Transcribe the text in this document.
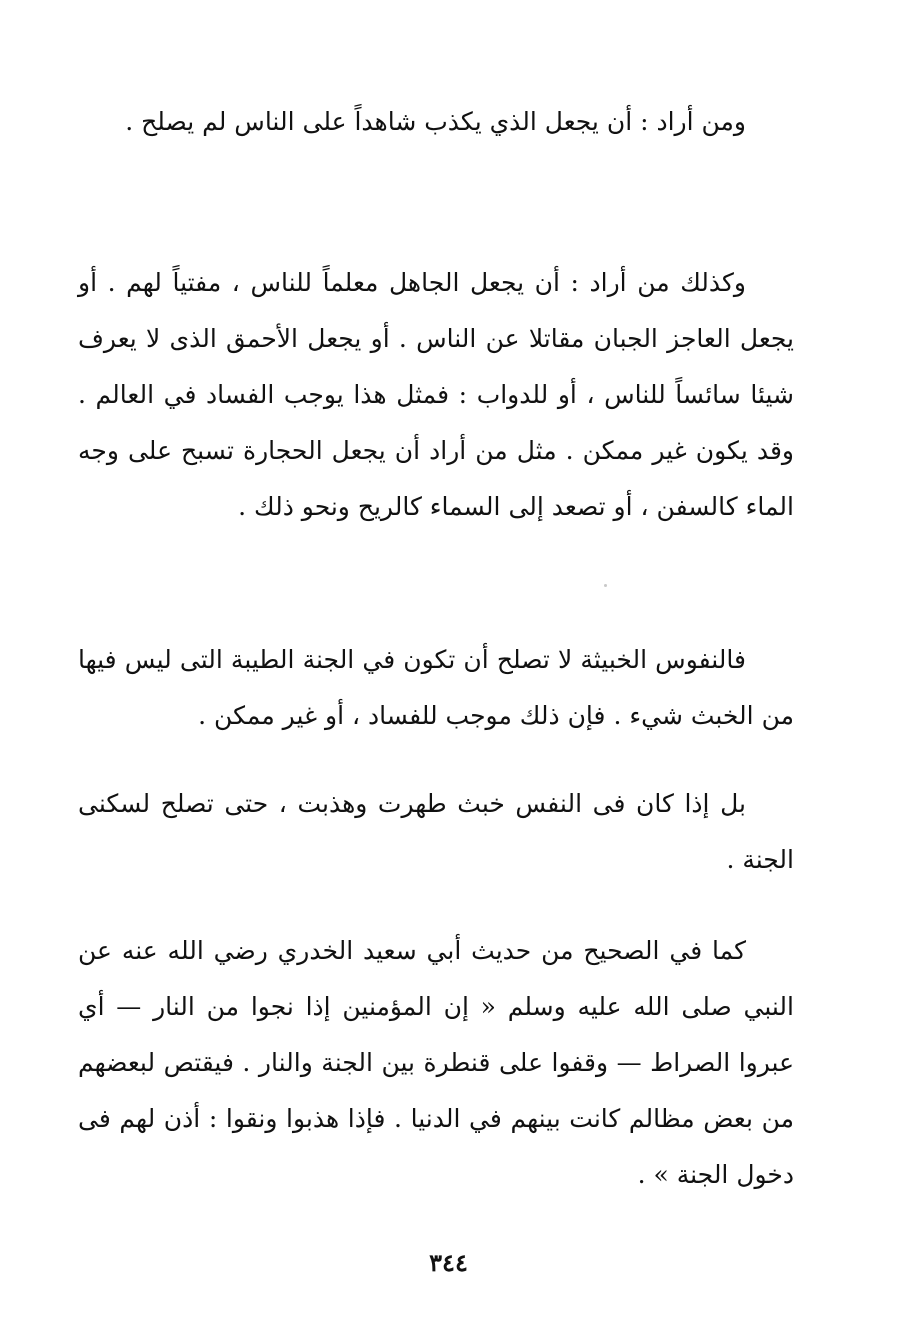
ومن أراد : أن يجعل الذي يكذب شاهداً على الناس لم يصلح .

وكذلك من أراد : أن يجعل الجاهل معلماً للناس ، مفتياً لهم . أو يجعل العاجز الجبان مقاتلا عن الناس . أو يجعل الأحمق الذى لا يعرف شيئا سائساً للناس ، أو للدواب : فمثل هذا يوجب الفساد في العالم . وقد يكون غير ممكن . مثل من أراد أن يجعل الحجارة تسبح على وجه الماء كالسفن ، أو تصعد إلى السماء كالريح ونحو ذلك .

فالنفوس الخبيثة لا تصلح أن تكون في الجنة الطيبة التى ليس فيها من الخبث شيء . فإن ذلك موجب للفساد ، أو غير ممكن .

بل إذا كان فى النفس خبث طهرت وهذبت ، حتى تصلح لسكنى الجنة .

كما في الصحيح من حديث أبي سعيد الخدري رضي الله عنه عن النبي صلى الله عليه وسلم « إن المؤمنين إذا نجوا من النار — أي عبروا الصراط — وقفوا على قنطرة بين الجنة والنار . فيقتص لبعضهم من بعض مظالم كانت بينهم في الدنيا . فإذا هذبوا ونقوا : أذن لهم فى دخول الجنة » .

٣٤٤
